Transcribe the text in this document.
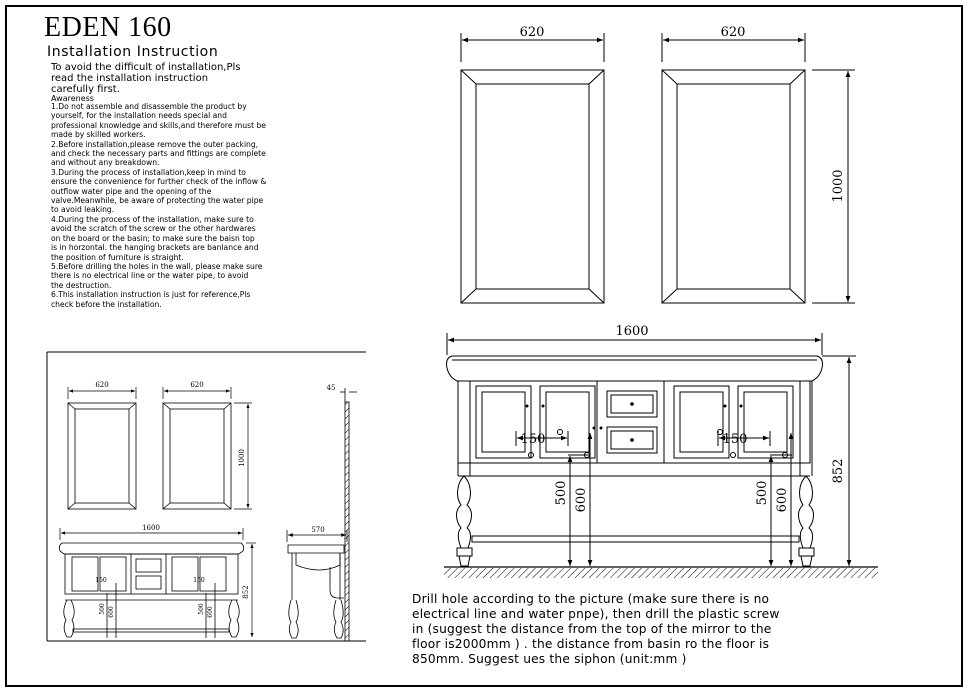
EDEN 160
Installation Instruction
To avoid the difficult of installation,Pls
read the installation instruction
carefully first.
Awareness
1.Do not assemble and disassemble the product by
yourself, for the installation needs special and
professional knowledge and skills,and therefore must be
made by skilled workers.
2.Before installation,please remove the outer packing,
and check the necessary parts and fittings are complete
and without any breakdown.
3.During the process of installation,keep in mind to
ensure the convenience for further check of the inflow &
outflow water pipe and the opening of the
valve.Meanwhile, be aware of protecting the water pipe
to avoid leaking.
4.During the process of the installation, make sure to
avoid the scratch of the screw or the other hardwares
on the board or the basin; to make sure the baisn top
is in horzontal. the hanging brackets are banlance and
the position of furniture is straight.
5.Before drilling the holes in the wall, please make sure
there is no electrical line or the water pipe, to avoid
the destruction.
6.This installation instruction is just for reference,Pls
check before the installation.
620	620
1000
1600
150	150
500 600	500 600
852
620	620
1000
1600
852
150	150
500 600	500 600
570
45
Drill hole according to the picture (make sure there is no
electrical line and water pnpe), then drill the plastic screw
in (suggest the distance from the top of the mirror to the
floor is2000mm ) . the distance from basin ro the floor is
850mm. Suggest ues the siphon (unit:mm )
